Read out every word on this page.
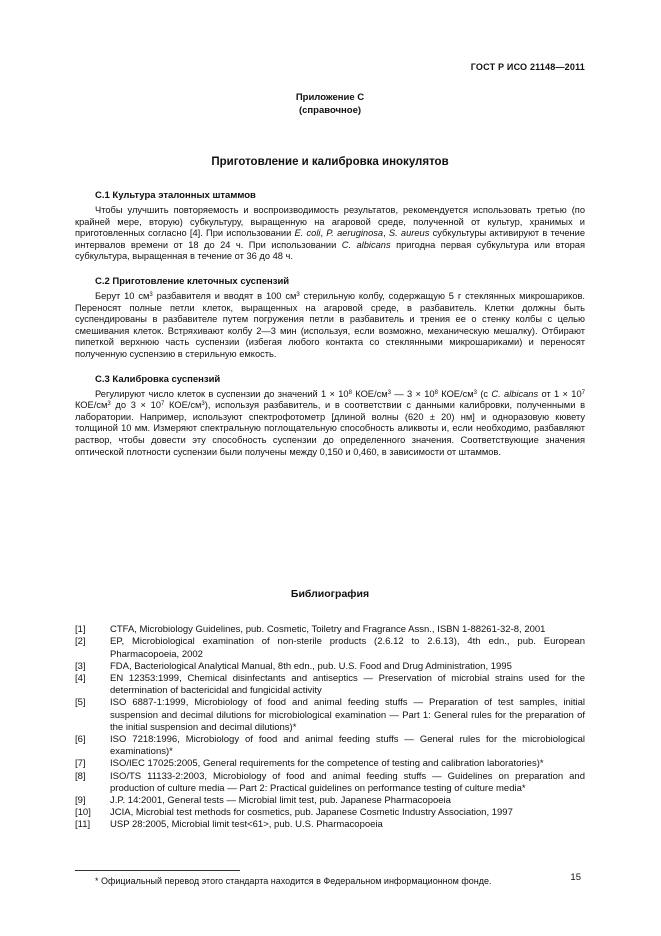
ГОСТ Р ИСО 21148—2011
Приложение С
(справочное)
Приготовление и калибровка инокулятов
С.1 Культура эталонных штаммов

Чтобы улучшить повторяемость и воспроизводимость результатов, рекомендуется использовать третью (по крайней мере, вторую) субкультуру, выращенную на агаровой среде, полученной от культур, хранимых и приготовленных согласно [4]. При использовании E. coli, P. aeruginosa, S. aureus субкультуры активируют в течение интервалов времени от 18 до 24 ч. При использовании C. albicans пригодна первая субкультура или вторая субкультура, выращенная в течение от 36 до 48 ч.

С.2 Приготовление клеточных суспензий

Берут 10 $см^3$ разбавителя и вводят в 100 $см^3$ стерильную колбу, содержащую 5 г стеклянных микрошариков. Переносят полные петли клеток, выращенных на агаровой среде, в разбавитель. Клетки должны быть суспендированы в разбавителе путем погружения петли в разбавитель и трения ее о стенку колбы с целью смешивания клеток. Встряхивают колбу 2—3 мин (используя, если возможно, механическую мешалку). Отбирают пипеткой верхнюю часть суспензии (избегая любого контакта со стеклянными микрошариками) и переносят полученную суспензию в стерильную емкость.

С.3 Калибровка суспензий

Регулируют число клеток в суспензии до значений $1 \times 10^8$ КОЕ/$см^3$ — $3 \times 10^8$ КОЕ/$см^3$ (с C. albicans от $1 \times 10^7$ КОЕ/$см^3$ до $3 \times 10^7$ КОЕ/$см^3$), используя разбавитель, и в соответствии с данными калибровки, полученными в лаборатории. Например, используют спектрофотометр [длиной волны (620 ± 20) нм] и одноразовую кювету толщиной 10 мм. Измеряют спектральную поглощательную способность аликвоты и, если необходимо, разбавляют раствор, чтобы довести эту способность суспензии до определенного значения. Соответствующие значения оптической плотности суспензии были получены между 0,150 и 0,460, в зависимости от штаммов.

Библиография
[1]	CTFA, Microbiology Guidelines, pub. Cosmetic, Toiletry and Fragrance Assn., ISBN 1-88261-32-8, 2001
[2]	EP, Microbiological examination of non-sterile products (2.6.12 to 2.6.13), 4th edn., pub. European Pharmacopoeia, 2002
[3]	FDA, Bacteriological Analytical Manual, 8th edn., pub. U.S. Food and Drug Administration, 1995
[4]	EN 12353:1999, Chemical disinfectants and antiseptics — Preservation of microbial strains used for the determination of bactericidal and fungicidal activity
[5]	ISO 6887-1:1999, Microbiology of food and animal feeding stuffs — Preparation of test samples, initial suspension and decimal dilutions for microbiological examination — Part 1: General rules for the preparation of the initial suspension and decimal dilutions)*
[6]	ISO 7218:1996, Microbiology of food and animal feeding stuffs — General rules for the microbiological examinations)*
[7]	ISO/IEC 17025:2005, General requirements for the competence of testing and calibration laboratories)*
[8]	ISO/TS 11133-2:2003, Microbiology of food and animal feeding stuffs — Guidelines on preparation and production of culture media — Part 2: Practical guidelines on performance testing of culture media*
[9]	J.P. 14:2001, General tests — Microbial limit test, pub. Japanese Pharmacopoeia
[10]	JCIA, Microbial test methods for cosmetics, pub. Japanese Cosmetic Industry Association, 1997
[11]	USP 28:2005, Microbial limit test<61>, pub. U.S. Pharmacopoeia

* Официальный перевод этого стандарта находится в Федеральном информационном фонде.	15
